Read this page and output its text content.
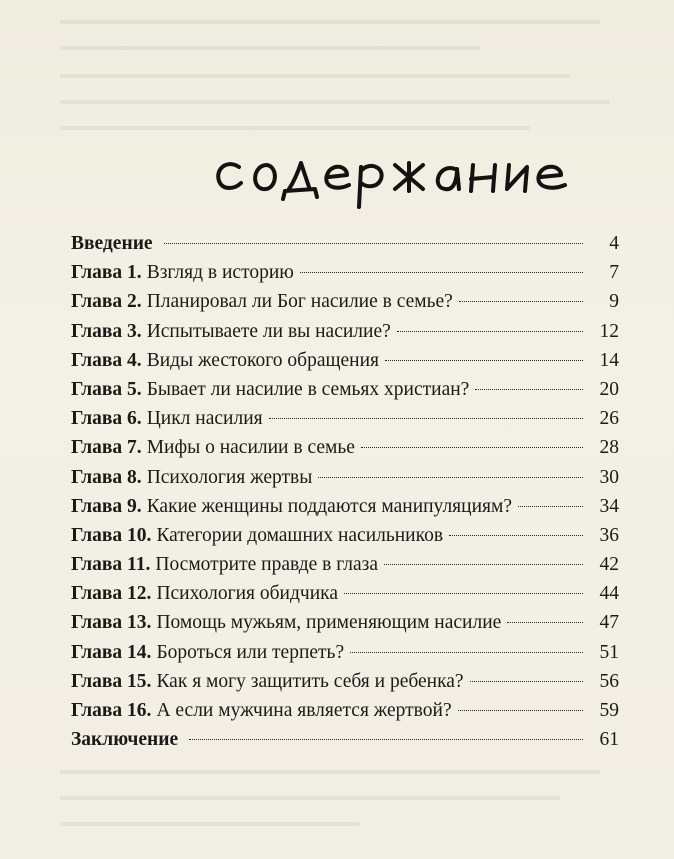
Введение	4
Глава 1. Взгляд в историю	7
Глава 2. Планировал ли Бог насилие в семье?	9
Глава 3. Испытываете ли вы насилие?	12
Глава 4. Виды жестокого обращения	14
Глава 5. Бывает ли насилие в семьях христиан?	20
Глава 6. Цикл насилия	26
Глава 7. Мифы о насилии в семье	28
Глава 8. Психология жертвы	30
Глава 9. Какие женщины поддаются манипуляциям?	34
Глава 10. Категории домашних насильников	36
Глава 11. Посмотрите правде в глаза	42
Глава 12. Психология обидчика	44
Глава 13. Помощь мужьям, применяющим насилие	47
Глава 14. Бороться или терпеть?	51
Глава 15. Как я могу защитить себя и ребенка?	56
Глава 16. А если мужчина является жертвой?	59
Заключение	61
